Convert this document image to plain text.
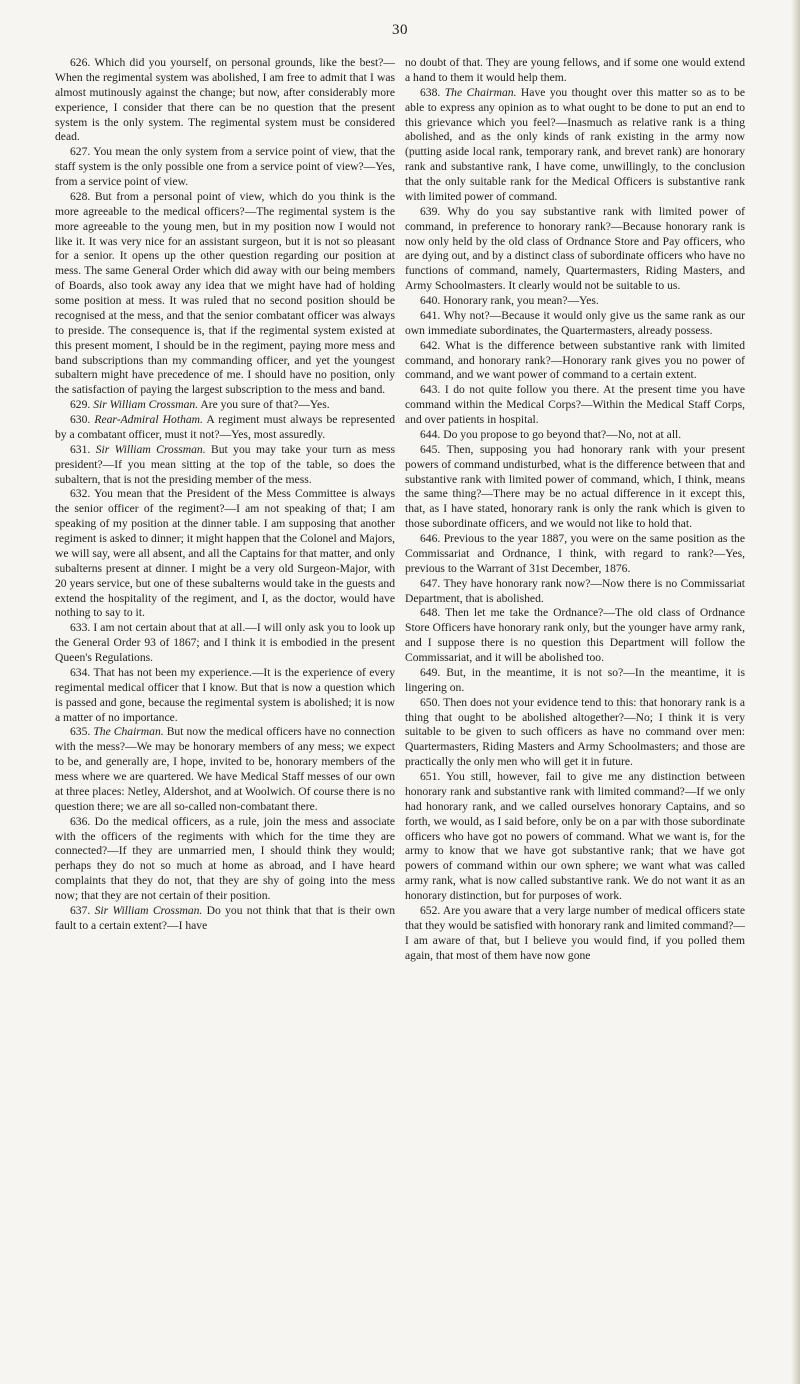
30

626. Which did you yourself, on personal grounds, like the best?—When the regimental system was abolished, I am free to admit that I was almost mutinously against the change; but now, after considerably more experience, I consider that there can be no question that the present system is the only system. The regimental system must be considered dead.

627. You mean the only system from a service point of view, that the staff system is the only possible one from a service point of view?—Yes, from a service point of view.

628. But from a personal point of view, which do you think is the more agreeable to the medical officers?—The regimental system is the more agreeable to the young men, but in my position now I would not like it. It was very nice for an assistant surgeon, but it is not so pleasant for a senior. It opens up the other question regarding our position at mess. The same General Order which did away with our being members of Boards, also took away any idea that we might have had of holding some position at mess. It was ruled that no second position should be recognised at the mess, and that the senior combatant officer was always to preside. The consequence is, that if the regimental system existed at this present moment, I should be in the regiment, paying more mess and band subscriptions than my commanding officer, and yet the youngest subaltern might have precedence of me. I should have no position, only the satisfaction of paying the largest subscription to the mess and band.

629. Sir William Crossman. Are you sure of that?—Yes.

630. Rear-Admiral Hotham. A regiment must always be represented by a combatant officer, must it not?—Yes, most assuredly.

631. Sir William Crossman. But you may take your turn as mess president?—If you mean sitting at the top of the table, so does the subaltern, that is not the presiding member of the mess.

632. You mean that the President of the Mess Committee is always the senior officer of the regiment?—I am not speaking of that; I am speaking of my position at the dinner table. I am supposing that another regiment is asked to dinner; it might happen that the Colonel and Majors, we will say, were all absent, and all the Captains for that matter, and only subalterns present at dinner. I might be a very old Surgeon-Major, with 20 years service, but one of these subalterns would take in the guests and extend the hospitality of the regiment, and I, as the doctor, would have nothing to say to it.

633. I am not certain about that at all.—I will only ask you to look up the General Order 93 of 1867; and I think it is embodied in the present Queen's Regulations.

634. That has not been my experience.—It is the experience of every regimental medical officer that I know. But that is now a question which is passed and gone, because the regimental system is abolished; it is now a matter of no importance.

635. The Chairman. But now the medical officers have no connection with the mess?—We may be honorary members of any mess; we expect to be, and generally are, I hope, invited to be, honorary members of the mess where we are quartered. We have Medical Staff messes of our own at three places: Netley, Aldershot, and at Woolwich. Of course there is no question there; we are all so-called non-combatant there.

636. Do the medical officers, as a rule, join the mess and associate with the officers of the regiments with which for the time they are connected?—If they are unmarried men, I should think they would; perhaps they do not so much at home as abroad, and I have heard complaints that they do not, that they are shy of going into the mess now; that they are not certain of their position.

637. Sir William Crossman. Do you not think that that is their own fault to a certain extent?—I have

no doubt of that. They are young fellows, and if some one would extend a hand to them it would help them.

638. The Chairman. Have you thought over this matter so as to be able to express any opinion as to what ought to be done to put an end to this grievance which you feel?—Inasmuch as relative rank is a thing abolished, and as the only kinds of rank existing in the army now (putting aside local rank, temporary rank, and brevet rank) are honorary rank and substantive rank, I have come, unwillingly, to the conclusion that the only suitable rank for the Medical Officers is substantive rank with limited power of command.

639. Why do you say substantive rank with limited power of command, in preference to honorary rank?—Because honorary rank is now only held by the old class of Ordnance Store and Pay officers, who are dying out, and by a distinct class of subordinate officers who have no functions of command, namely, Quartermasters, Riding Masters, and Army Schoolmasters. It clearly would not be suitable to us.

640. Honorary rank, you mean?—Yes.

641. Why not?—Because it would only give us the same rank as our own immediate subordinates, the Quartermasters, already possess.

642. What is the difference between substantive rank with limited command, and honorary rank?—Honorary rank gives you no power of command, and we want power of command to a certain extent.

643. I do not quite follow you there. At the present time you have command within the Medical Corps?—Within the Medical Staff Corps, and over patients in hospital.

644. Do you propose to go beyond that?—No, not at all.

645. Then, supposing you had honorary rank with your present powers of command undisturbed, what is the difference between that and substantive rank with limited power of command, which, I think, means the same thing?—There may be no actual difference in it except this, that, as I have stated, honorary rank is only the rank which is given to those subordinate officers, and we would not like to hold that.

646. Previous to the year 1887, you were on the same position as the Commissariat and Ordnance, I think, with regard to rank?—Yes, previous to the Warrant of 31st December, 1876.

647. They have honorary rank now?—Now there is no Commissariat Department, that is abolished.

648. Then let me take the Ordnance?—The old class of Ordnance Store Officers have honorary rank only, but the younger have army rank, and I suppose there is no question this Department will follow the Commissariat, and it will be abolished too.

649. But, in the meantime, it is not so?—In the meantime, it is lingering on.

650. Then does not your evidence tend to this: that honorary rank is a thing that ought to be abolished altogether?—No; I think it is very suitable to be given to such officers as have no command over men: Quartermasters, Riding Masters and Army Schoolmasters; and those are practically the only men who will get it in future.

651. You still, however, fail to give me any distinction between honorary rank and substantive rank with limited command?—If we only had honorary rank, and we called ourselves honorary Captains, and so forth, we would, as I said before, only be on a par with those subordinate officers who have got no powers of command. What we want is, for the army to know that we have got substantive rank; that we have got powers of command within our own sphere; we want what was called army rank, what is now called substantive rank. We do not want it as an honorary distinction, but for purposes of work.

652. Are you aware that a very large number of medical officers state that they would be satisfied with honorary rank and limited command?—I am aware of that, but I believe you would find, if you polled them again, that most of them have now gone
